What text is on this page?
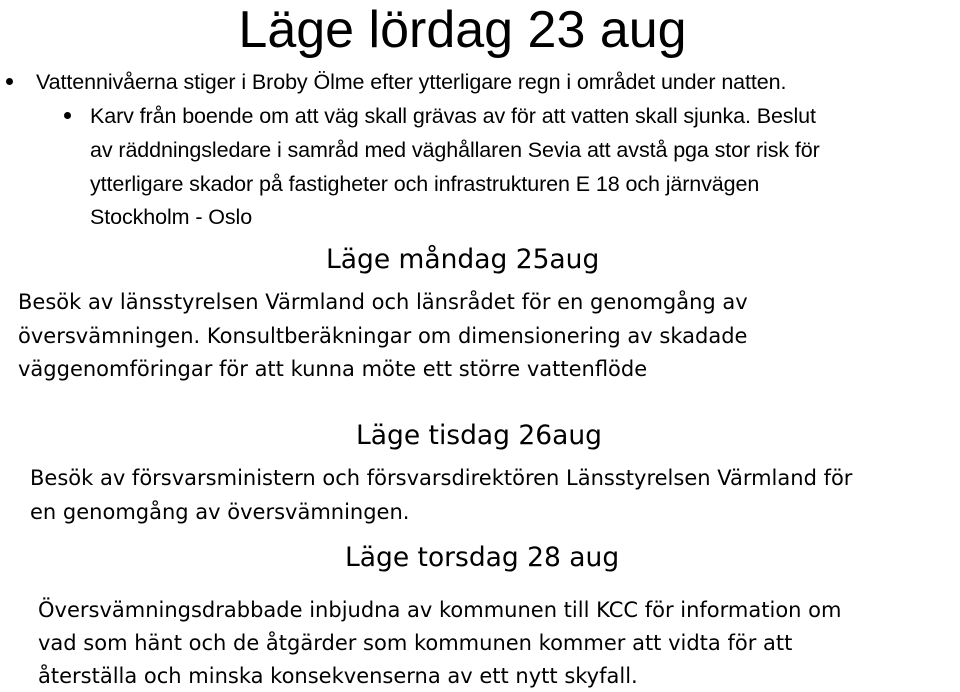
Läge lördag 23 aug
Vattennivåerna stiger i Broby Ölme efter ytterligare regn i området under natten.
Karv från boende om att väg skall grävas av för att vatten skall sjunka. Beslut
av räddningsledare i samråd med väghållaren Sevia att avstå pga stor risk för
ytterligare skador på fastigheter och infrastrukturen E 18 och järnvägen
Stockholm - Oslo
Läge måndag 25aug
Besök av länsstyrelsen Värmland och länsrådet för en genomgång av
översvämningen. Konsultberäkningar om dimensionering av skadade
väggenomföringar för att kunna möte ett större vattenflöde
Läge tisdag 26aug
Besök av försvarsministern och försvarsdirektören Länsstyrelsen Värmland för
en genomgång av översvämningen.
Läge torsdag 28 aug
Översvämningsdrabbade inbjudna av kommunen till KCC för information om
vad som hänt och de åtgärder som kommunen kommer att vidta för att
återställa och minska konsekvenserna av ett nytt skyfall.
